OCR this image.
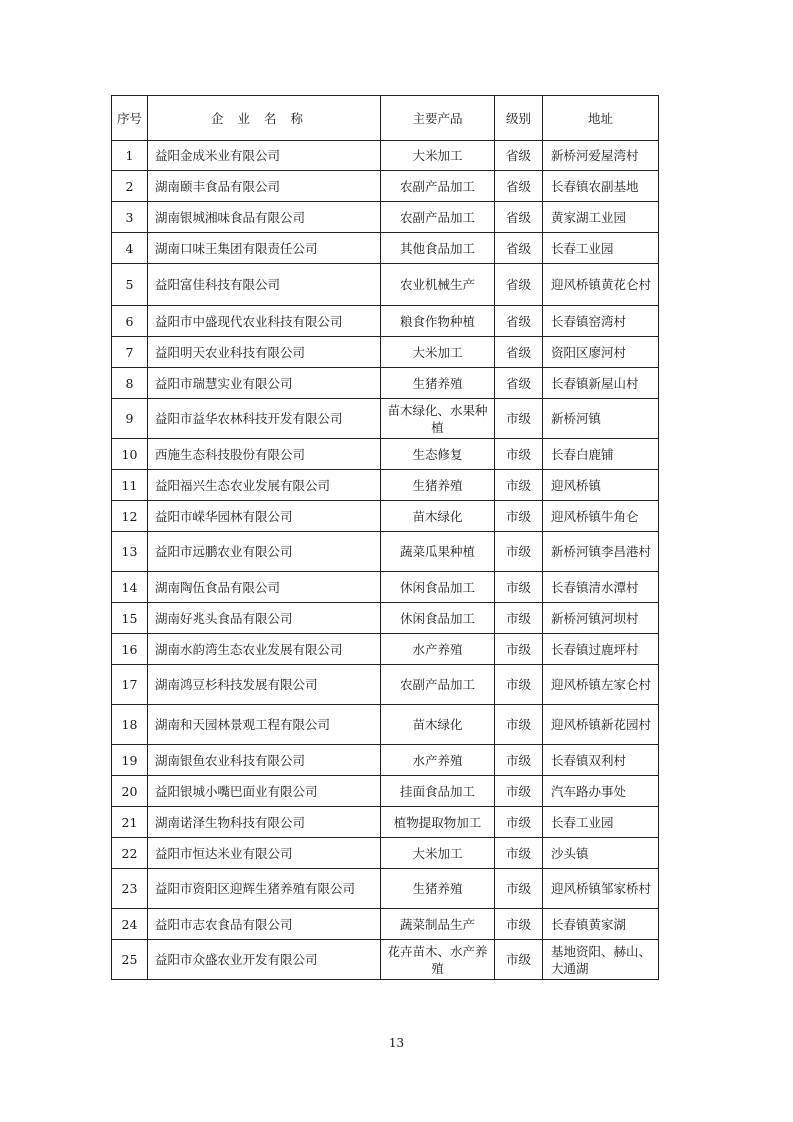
序号	企业名称	主要产品	级别	地址
1	益阳金成米业有限公司	大米加工	省级	新桥河爱屋湾村
2	湖南颐丰食品有限公司	农副产品加工	省级	长春镇农副基地
3	湖南银城湘味食品有限公司	农副产品加工	省级	黄家湖工业园
4	湖南口味王集团有限责任公司	其他食品加工	省级	长春工业园
5	益阳富佳科技有限公司	农业机械生产	省级	迎风桥镇黄花仑村
6	益阳市中盛现代农业科技有限公司	粮食作物种植	省级	长春镇窑湾村
7	益阳明天农业科技有限公司	大米加工	省级	资阳区廖河村
8	益阳市瑞慧实业有限公司	生猪养殖	省级	长春镇新屋山村
9	益阳市益华农林科技开发有限公司	苗木绿化、水果种植	市级	新桥河镇
10	西施生态科技股份有限公司	生态修复	市级	长春白鹿铺
11	益阳福兴生态农业发展有限公司	生猪养殖	市级	迎风桥镇
12	益阳市嵘华园林有限公司	苗木绿化	市级	迎风桥镇牛角仑
13	益阳市远鹏农业有限公司	蔬菜瓜果种植	市级	新桥河镇李昌港村
14	湖南陶伍食品有限公司	休闲食品加工	市级	长春镇清水潭村
15	湖南好兆头食品有限公司	休闲食品加工	市级	新桥河镇河坝村
16	湖南水韵湾生态农业发展有限公司	水产养殖	市级	长春镇过鹿坪村
17	湖南鸿豆杉科技发展有限公司	农副产品加工	市级	迎风桥镇左家仑村
18	湖南和天园林景观工程有限公司	苗木绿化	市级	迎风桥镇新花园村
19	湖南银鱼农业科技有限公司	水产养殖	市级	长春镇双利村
20	益阳银城小嘴巴面业有限公司	挂面食品加工	市级	汽车路办事处
21	湖南诺泽生物科技有限公司	植物提取物加工	市级	长春工业园
22	益阳市恒达米业有限公司	大米加工	市级	沙头镇
23	益阳市资阳区迎辉生猪养殖有限公司	生猪养殖	市级	迎风桥镇邹家桥村
24	益阳市志农食品有限公司	蔬菜制品生产	市级	长春镇黄家湖
25	益阳市众盛农业开发有限公司	花卉苗木、水产养殖	市级	基地资阳、赫山、大通湖
13
